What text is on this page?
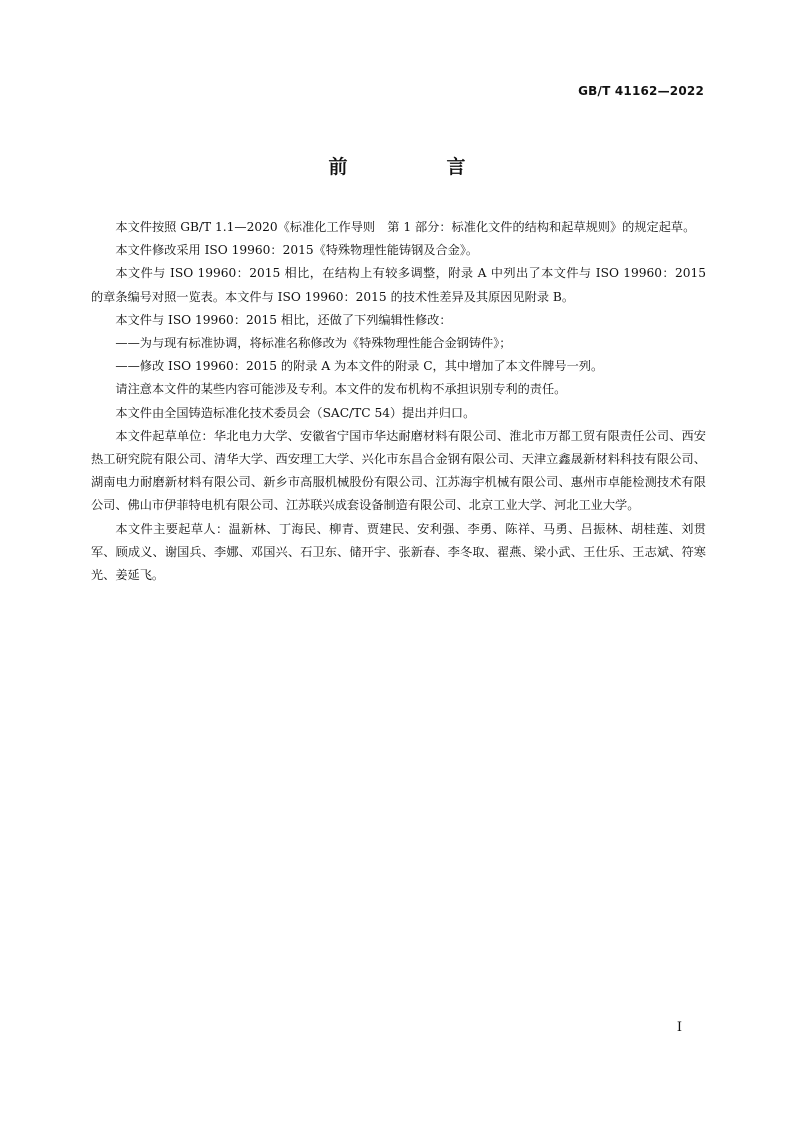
GB/T 41162—2022
前　言

本文件按照 GB/T 1.1—2020《标准化工作导则　第 1 部分：标准化文件的结构和起草规则》的规定起草。

本文件修改采用 ISO 19960：2015《特殊物理性能铸钢及合金》。

本文件与 ISO 19960：2015 相比，在结构上有较多调整，附录 A 中列出了本文件与 ISO 19960：2015 的章条编号对照一览表。本文件与 ISO 19960：2015 的技术性差异及其原因见附录 B。

本文件与 ISO 19960：2015 相比，还做了下列编辑性修改：

——为与现有标准协调，将标准名称修改为《特殊物理性能合金钢铸件》；

——修改 ISO 19960：2015 的附录 A 为本文件的附录 C，其中增加了本文件牌号一列。

请注意本文件的某些内容可能涉及专利。本文件的发布机构不承担识别专利的责任。

本文件由全国铸造标准化技术委员会（SAC/TC 54）提出并归口。

本文件起草单位：华北电力大学、安徽省宁国市华达耐磨材料有限公司、淮北市万都工贸有限责任公司、西安热工研究院有限公司、清华大学、西安理工大学、兴化市东昌合金钢有限公司、天津立鑫晟新材料科技有限公司、湖南电力耐磨新材料有限公司、新乡市高服机械股份有限公司、江苏海宇机械有限公司、惠州市卓能检测技术有限公司、佛山市伊菲特电机有限公司、江苏联兴成套设备制造有限公司、北京工业大学、河北工业大学。

本文件主要起草人：温新林、丁海民、柳青、贾建民、安利强、李勇、陈祥、马勇、吕振林、胡桂莲、刘贯军、顾成义、谢国兵、李娜、邓国兴、石卫东、储开宇、张新春、李冬取、翟燕、梁小武、王仕乐、王志斌、符寒光、姜延飞。

I
